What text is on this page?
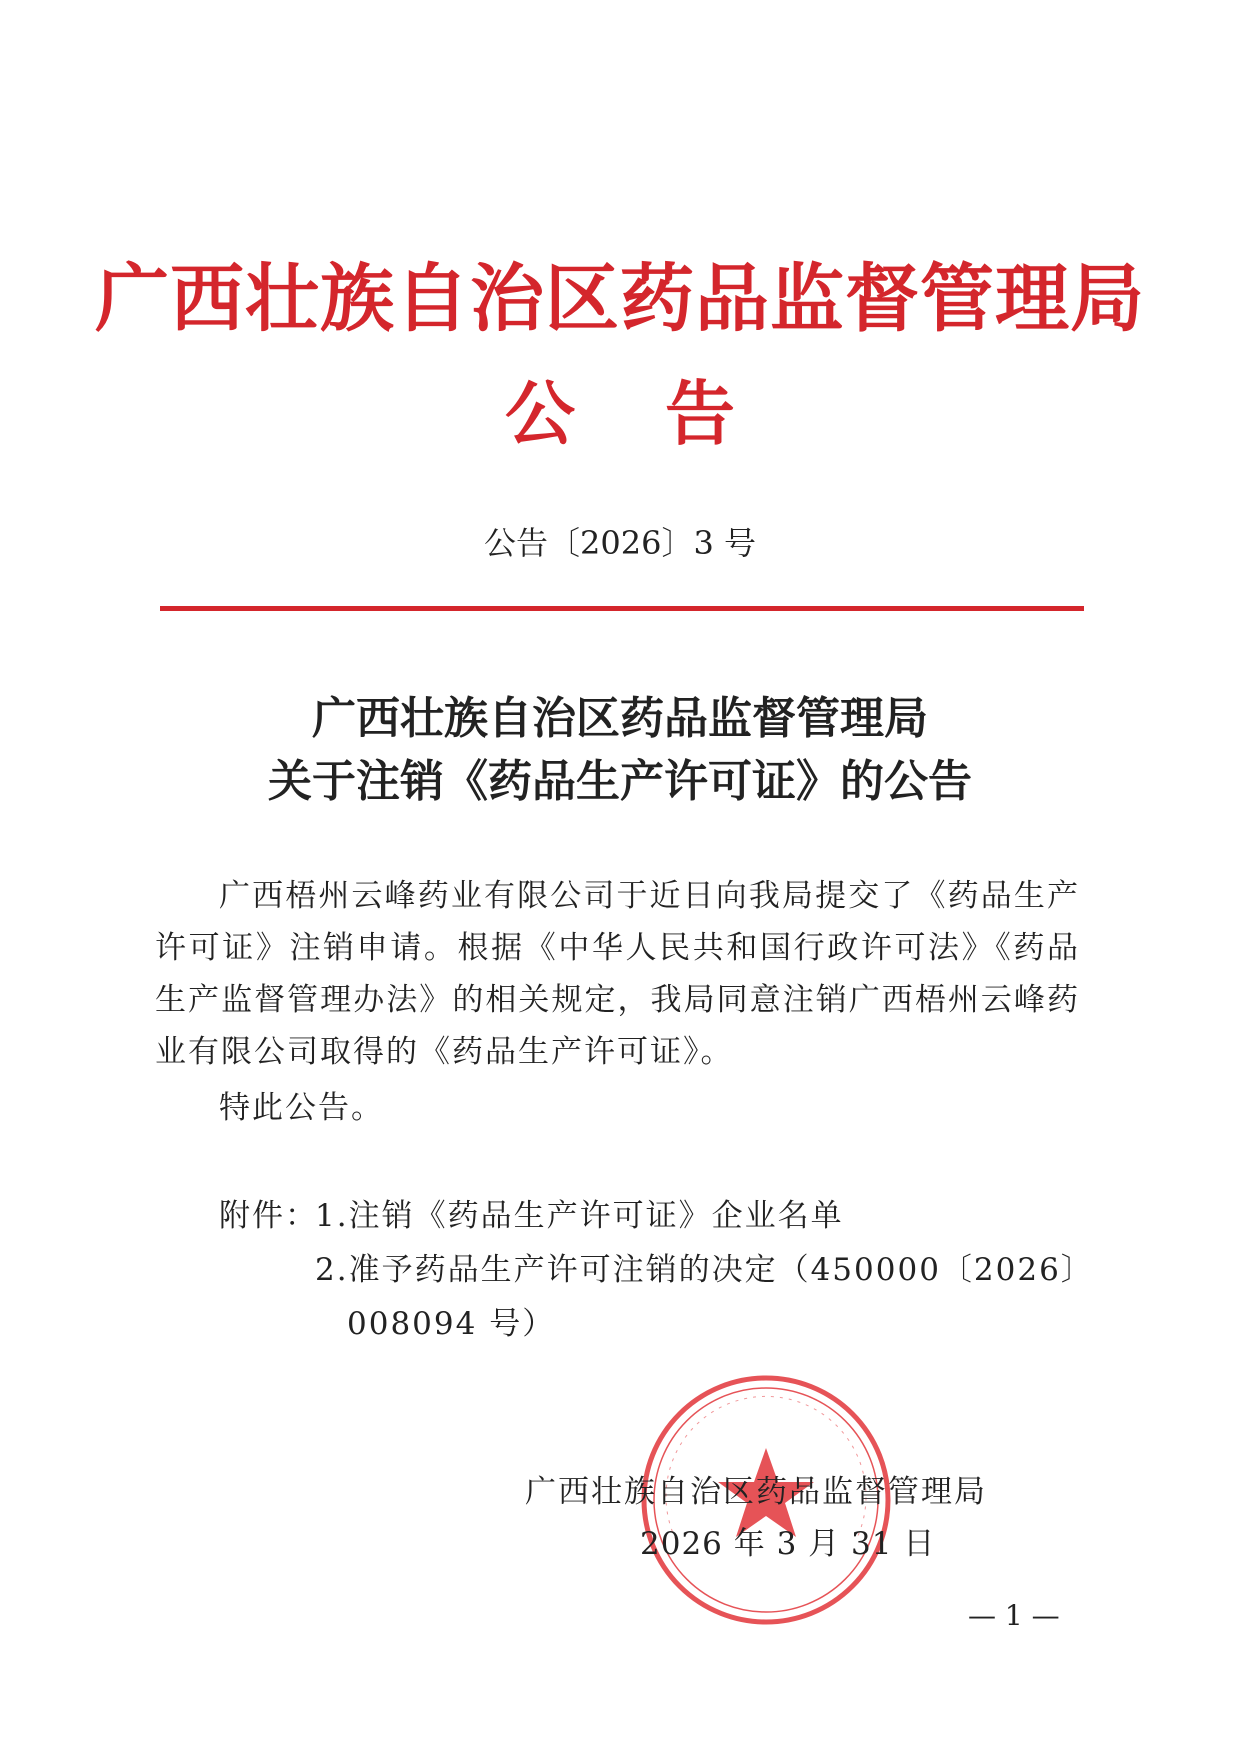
广西壮族自治区药品监督管理局
公 告
公告〔2026〕3 号
广西壮族自治区药品监督管理局
关于注销《药品生产许可证》的公告

广西梧州云峰药业有限公司于近日向我局提交了《药品生产许可证》注销申请。根据《中华人民共和国行政许可法》《药品生产监督管理办法》的相关规定，我局同意注销广西梧州云峰药业有限公司取得的《药品生产许可证》。

特此公告。
附件：
1.注销《药品生产许可证》企业名单
2.准予药品生产许可注销的决定（450000〔2026〕
008094 号）
广西壮族自治区药品监督管理局
2026 年 3 月 31 日
— 1 —
